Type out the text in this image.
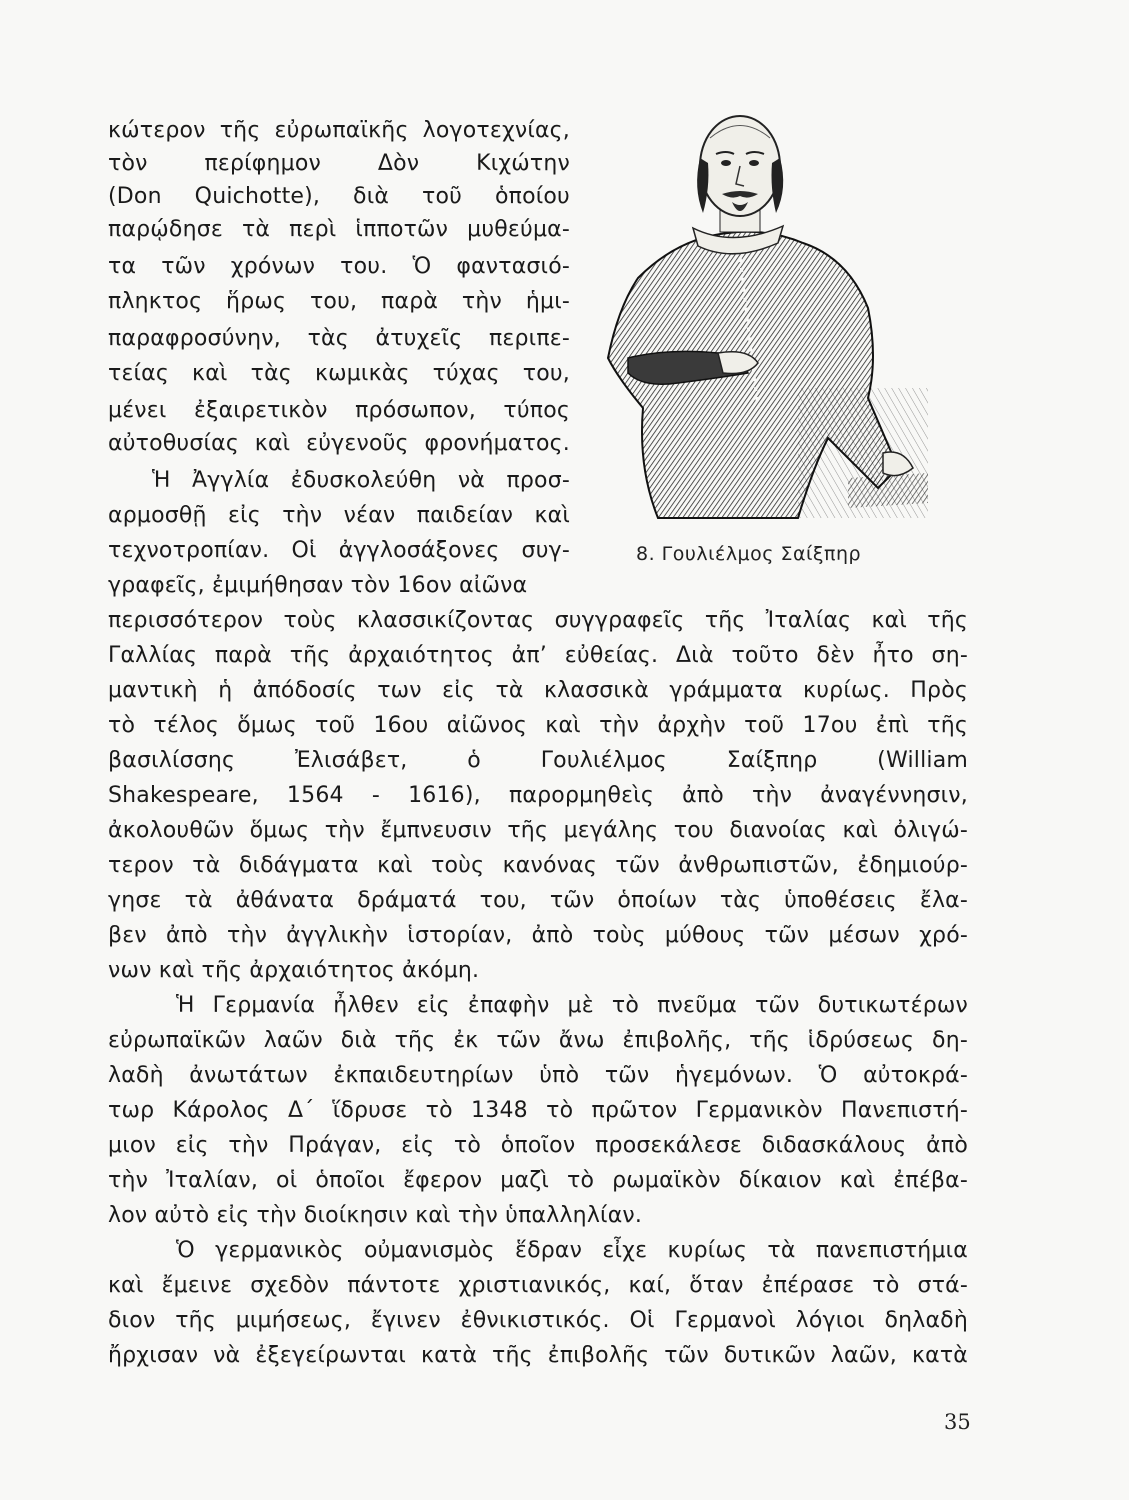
κώτερον τῆς εὐρωπαϊκῆς λογοτεχνίας,
τὸν περίφημον Δὸν Κιχώτην
(Don Quichotte), διὰ τοῦ ὁποίου
παρῴδησε τὰ περὶ ἱπποτῶν μυθεύμα-
τα τῶν χρόνων του. Ὁ φαντασιό-
πληκτος ἥρως του, παρὰ τὴν ἡμι-
παραφροσύνην, τὰς ἀτυχεῖς περιπε-
τείας καὶ τὰς κωμικὰς τύχας του,
μένει ἐξαιρετικὸν πρόσωπον, τύπος
αὐτοθυσίας καὶ εὐγενοῦς φρονήματος.
Ἡ Ἀγγλία ἐδυσκολεύθη νὰ προσ-
αρμοσθῇ εἰς τὴν νέαν παιδείαν καὶ
τεχνοτροπίαν. Οἱ ἀγγλοσάξονες συγ-
γραφεῖς, ἐμιμήθησαν τὸν 16ον αἰῶνα
8. Γουλιέλμος Σαίξπηρ
περισσότερον τοὺς κλασσικίζοντας συγγραφεῖς τῆς Ἰταλίας καὶ τῆς
Γαλλίας παρὰ τῆς ἀρχαιότητος ἀπ’ εὐθείας. Διὰ τοῦτο δὲν ἦτο ση-
μαντικὴ ἡ ἀπόδοσίς των εἰς τὰ κλασσικὰ γράμματα κυρίως. Πρὸς
τὸ τέλος ὅμως τοῦ 16ου αἰῶνος καὶ τὴν ἀρχὴν τοῦ 17ου ἐπὶ τῆς
βασιλίσσης Ἐλισάβετ, ὁ Γουλιέλμος Σαίξπηρ (William
Shakespeare, 1564 - 1616), παρορμηθεὶς ἀπὸ τὴν ἀναγέννησιν,
ἀκολουθῶν ὅμως τὴν ἔμπνευσιν τῆς μεγάλης του διανοίας καὶ ὀλιγώ-
τερον τὰ διδάγματα καὶ τοὺς κανόνας τῶν ἀνθρωπιστῶν, ἐδημιούρ-
γησε τὰ ἀθάνατα δράματά του, τῶν ὁποίων τὰς ὑποθέσεις ἔλα-
βεν ἀπὸ τὴν ἀγγλικὴν ἱστορίαν, ἀπὸ τοὺς μύθους τῶν μέσων χρό-
νων καὶ τῆς ἀρχαιότητος ἀκόμη.
Ἡ Γερμανία ἦλθεν εἰς ἐπαφὴν μὲ τὸ πνεῦμα τῶν δυτικωτέρων
εὐρωπαϊκῶν λαῶν διὰ τῆς ἐκ τῶν ἄνω ἐπιβολῆς, τῆς ἱδρύσεως δη-
λαδὴ ἀνωτάτων ἐκπαιδευτηρίων ὑπὸ τῶν ἡγεμόνων. Ὁ αὐτοκρά-
τωρ Κάρολος Δ΄ ἵδρυσε τὸ 1348 τὸ πρῶτον Γερμανικὸν Πανεπιστή-
μιον εἰς τὴν Πράγαν, εἰς τὸ ὁποῖον προσεκάλεσε διδασκάλους ἀπὸ
τὴν Ἰταλίαν, οἱ ὁποῖοι ἔφερον μαζὶ τὸ ρωμαϊκὸν δίκαιον καὶ ἐπέβα-
λον αὐτὸ εἰς τὴν διοίκησιν καὶ τὴν ὑπαλληλίαν.
Ὁ γερμανικὸς οὐμανισμὸς ἕδραν εἶχε κυρίως τὰ πανεπιστήμια
καὶ ἔμεινε σχεδὸν πάντοτε χριστιανικός, καί, ὅταν ἐπέρασε τὸ στά-
διον τῆς μιμήσεως, ἔγινεν ἐθνικιστικός. Οἱ Γερμανοὶ λόγιοι δηλαδὴ
ἤρχισαν νὰ ἐξεγείρωνται κατὰ τῆς ἐπιβολῆς τῶν δυτικῶν λαῶν, κατὰ
35
